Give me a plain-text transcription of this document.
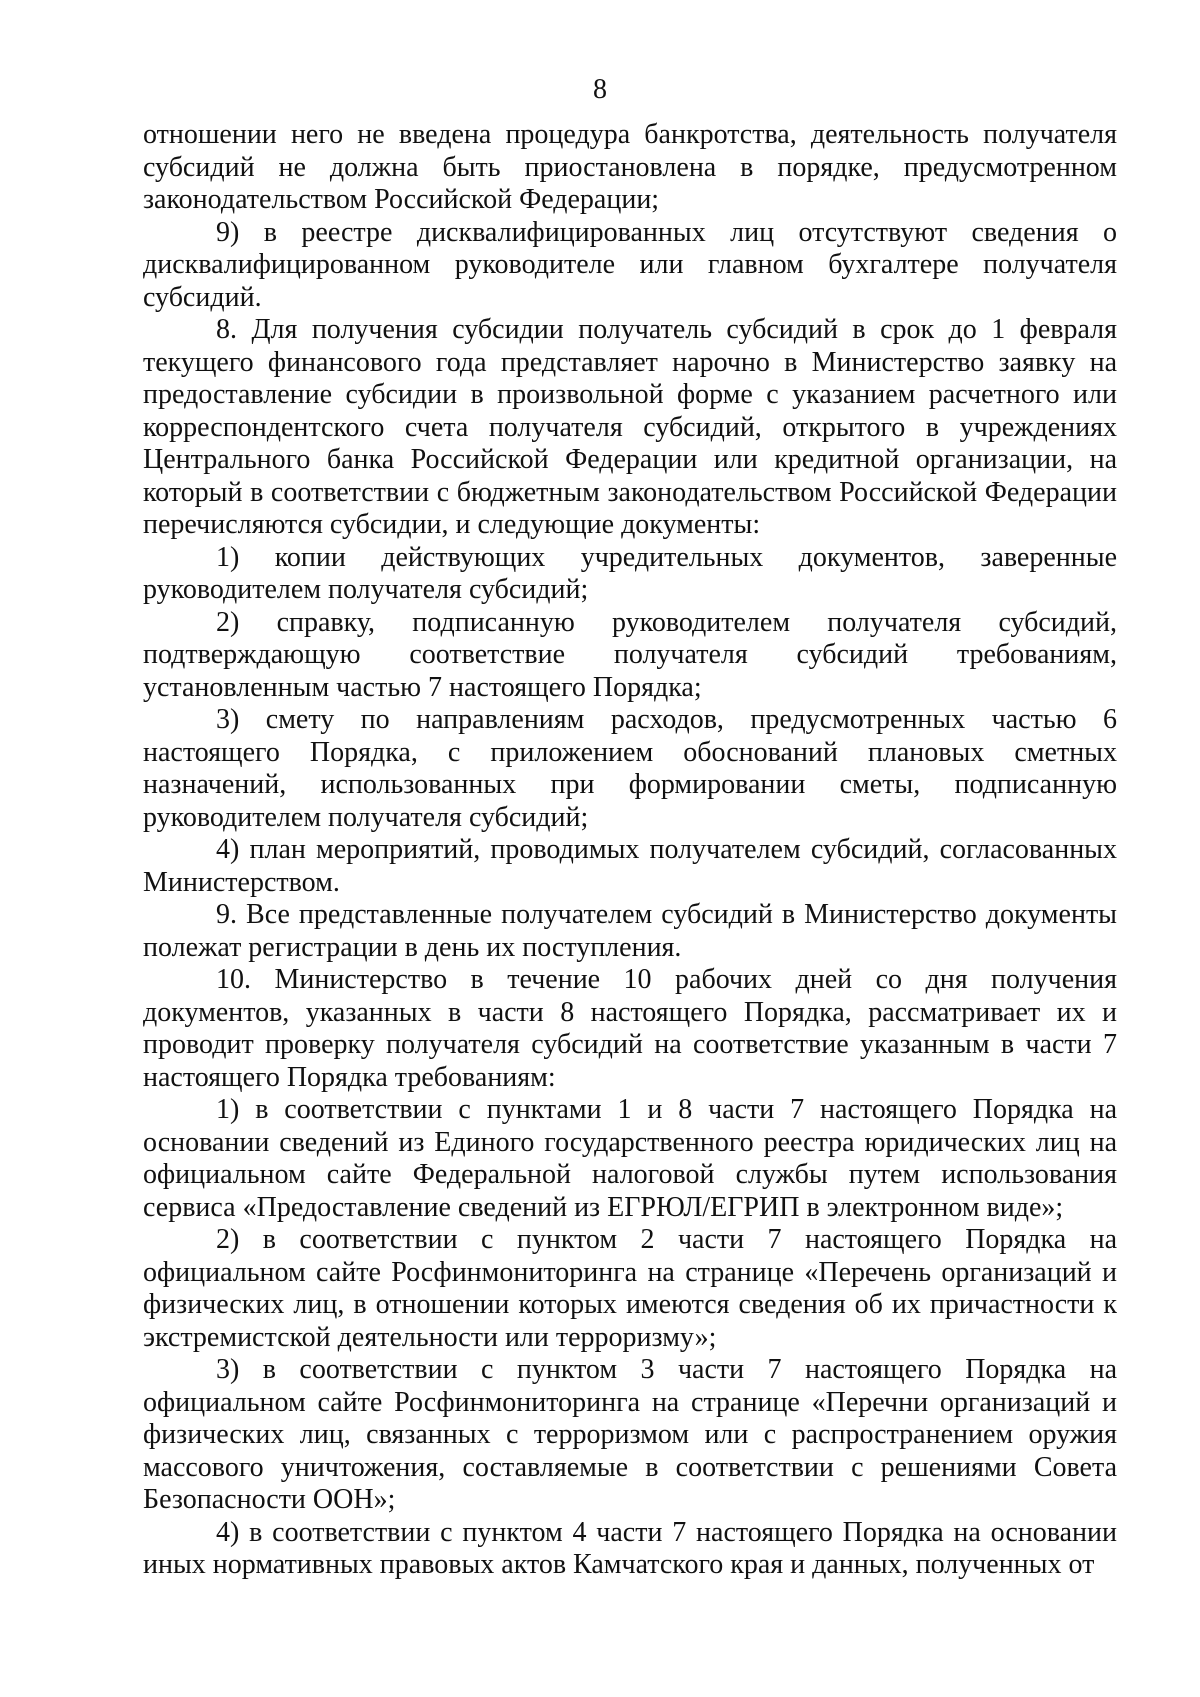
8

отношении него не введена процедура банкротства, деятельность получателя субсидий не должна быть приостановлена в порядке, предусмотренном законодательством Российской Федерации;

9) в реестре дисквалифицированных лиц отсутствуют сведения о дисквалифицированном руководителе или главном бухгалтере получателя субсидий.

8. Для получения субсидии получатель субсидий в срок до 1 февраля текущего финансового года представляет нарочно в Министерство заявку на предоставление субсидии в произвольной форме с указанием расчетного или корреспондентского счета получателя субсидий, открытого в учреждениях Центрального банка Российской Федерации или кредитной организации, на который в соответствии с бюджетным законодательством Российской Федерации перечисляются субсидии, и следующие документы:

1) копии действующих учредительных документов, заверенные руководителем получателя субсидий;

2) справку, подписанную руководителем получателя субсидий, подтверждающую соответствие получателя субсидий требованиям, установленным частью 7 настоящего Порядка;

3) смету по направлениям расходов, предусмотренных частью 6 настоящего Порядка, с приложением обоснований плановых сметных назначений, использованных при формировании сметы, подписанную руководителем получателя субсидий;

4) план мероприятий, проводимых получателем субсидий, согласованных Министерством.

9. Все представленные получателем субсидий в Министерство документы полежат регистрации в день их поступления.

10. Министерство в течение 10 рабочих дней со дня получения документов, указанных в части 8 настоящего Порядка, рассматривает их и проводит проверку получателя субсидий на соответствие указанным в части 7 настоящего Порядка требованиям:

1) в соответствии с пунктами 1 и 8 части 7 настоящего Порядка на основании сведений из Единого государственного реестра юридических лиц на официальном сайте Федеральной налоговой службы путем использования сервиса «Предоставление сведений из ЕГРЮЛ/ЕГРИП в электронном виде»;

2) в соответствии с пунктом 2 части 7 настоящего Порядка на официальном сайте Росфинмониторинга на странице «Перечень организаций и физических лиц, в отношении которых имеются сведения об их причастности к экстремистской деятельности или терроризму»;

3) в соответствии с пунктом 3 части 7 настоящего Порядка на официальном сайте Росфинмониторинга на странице «Перечни организаций и физических лиц, связанных с терроризмом или с распространением оружия массового уничтожения, составляемые в соответствии с решениями Совета Безопасности ООН»;

4) в соответствии с пунктом 4 части 7 настоящего Порядка на основании иных нормативных правовых актов Камчатского края и данных, полученных от
